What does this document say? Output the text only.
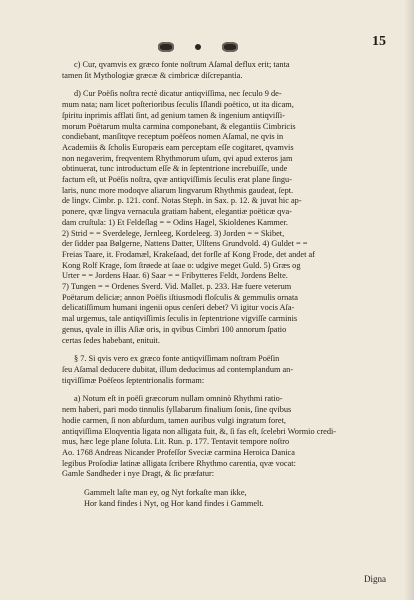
15
c) Cur, qvamvis ex græco fonte noſtrum Aſamal deflux erit; tanta
tamen ſit Mythologiæ græcæ & cimbricæ diſcrepantia.
d) Cur Poëſis noſtra rectè dicatur antiqviſſima, nec ſeculo 9 de-
mum nata; nam licet poſterioribus ſeculis Iſlandi poëtico, ut ita dicam,
ſpiritu inprimis afflati ſint, ad genium tamen & ingenium antiqviſſi-
morum Poëtarum multa carmina componebant, & elegantiis Cimbricis
condiebant, manſitqve receptum poëſeos nomen Aſamal, ne qvis in
Academiis & ſcholis Europæis eam perceptam eſſe cogitaret, qvamvis
non negaverim, freqventem Rhythmorum uſum, qvi apud exteros jam
obtinuerat, tunc introductum eſſe & in ſeptentrione increbuiſſe, unde
factum eſt, ut Poëſis noſtra, qvæ antiqviſſimis ſeculis erat plane ſingu-
laris, nunc more modoqve aliarum lingvarum Rhythmis gaudeat, ſept.
de lingv. Cimbr. p. 121. conf. Notas Steph. in Sax. p. 12. & juvat hic ap-
ponere, qvæ lingva vernacula gratiam habent, elegantiæ poëticæ qva-
dam cruſtula: 1) Et Feldeſlag = = Odins Hagel, Skioldenes Kammer.
2) Strid = = Sverdelege, Jernleeg, Kordeleeg. 3) Jorden = = Skibet,
der ſidder paa Bølgerne, Nattens Datter, Ulſtens Grundvold. 4) Guldet = =
Freias Taare, it. Frodamæl, Krakeſaad, det forſle af Kong Frode, det andet af
Kong Rolf Krage, ſom ſtrøede at ſaae o: udgive meget Guld. 5) Græs og
Urter = = Jordens Haar. 6) Saar = = Fribytteres Feldt, Jordens Belte.
7) Tungen = = Ordenes Sverd. Vid. Mallet. p. 233. Hæ fuere veterum
Poëtarum deliciæ; annon Poëſis iſtiusmodi floſculis & gemmulis ornata
delicatiſſimum humani ingenii opus cenſeri debet? Vi igitur vocis Aſa-
mal urgemus, tale antiqviſſimis ſeculis in ſeptentrione vigviſſe carminis
genus, qvale in illis Aſiæ oris, in qvibus Cimbri 100 annorum ſpatio
certas ſedes habebant, enituit.
§ 7. Si qvis vero ex græco fonte antiqviſſimam noſtram Poëſin
ſeu Aſamal deducere dubitat, illum deducimus ad contemplandum an-
tiqviſſimæ Poëſeos ſeptentrionalis formam:
a) Notum eſt in poëſi græcorum nullam omninò Rhythmi ratio-
nem haberi, pari modo tinnulis ſyllabarum finalium ſonis, ſine qvibus
hodie carmen, ſi non abſurdum, tamen auribus vulgi ingratum foret,
antiqviſſima Eloqventia ligata non alligata fuit, &, ſi fas eſt, ſcelebri Wormio credi-
mus, hæc lege plane ſoluta. Lit. Run. p. 177. Tentavit tempore noſtro
Ao. 1768 Andreas Nicander Profeſſor Sveciæ carmina Heroica Danica
legibus Proſodiæ latinæ alligata ſcribere Rhythmo carentia, qvæ vocat:
Gamle Sandheder i nye Dragt, & ſic præfatur:
Gammelt laſte man ey, og Nyt forkaſte man ikke,
Hor kand findes i Nyt, og Hor kand findes i Gammelt.
Digna
